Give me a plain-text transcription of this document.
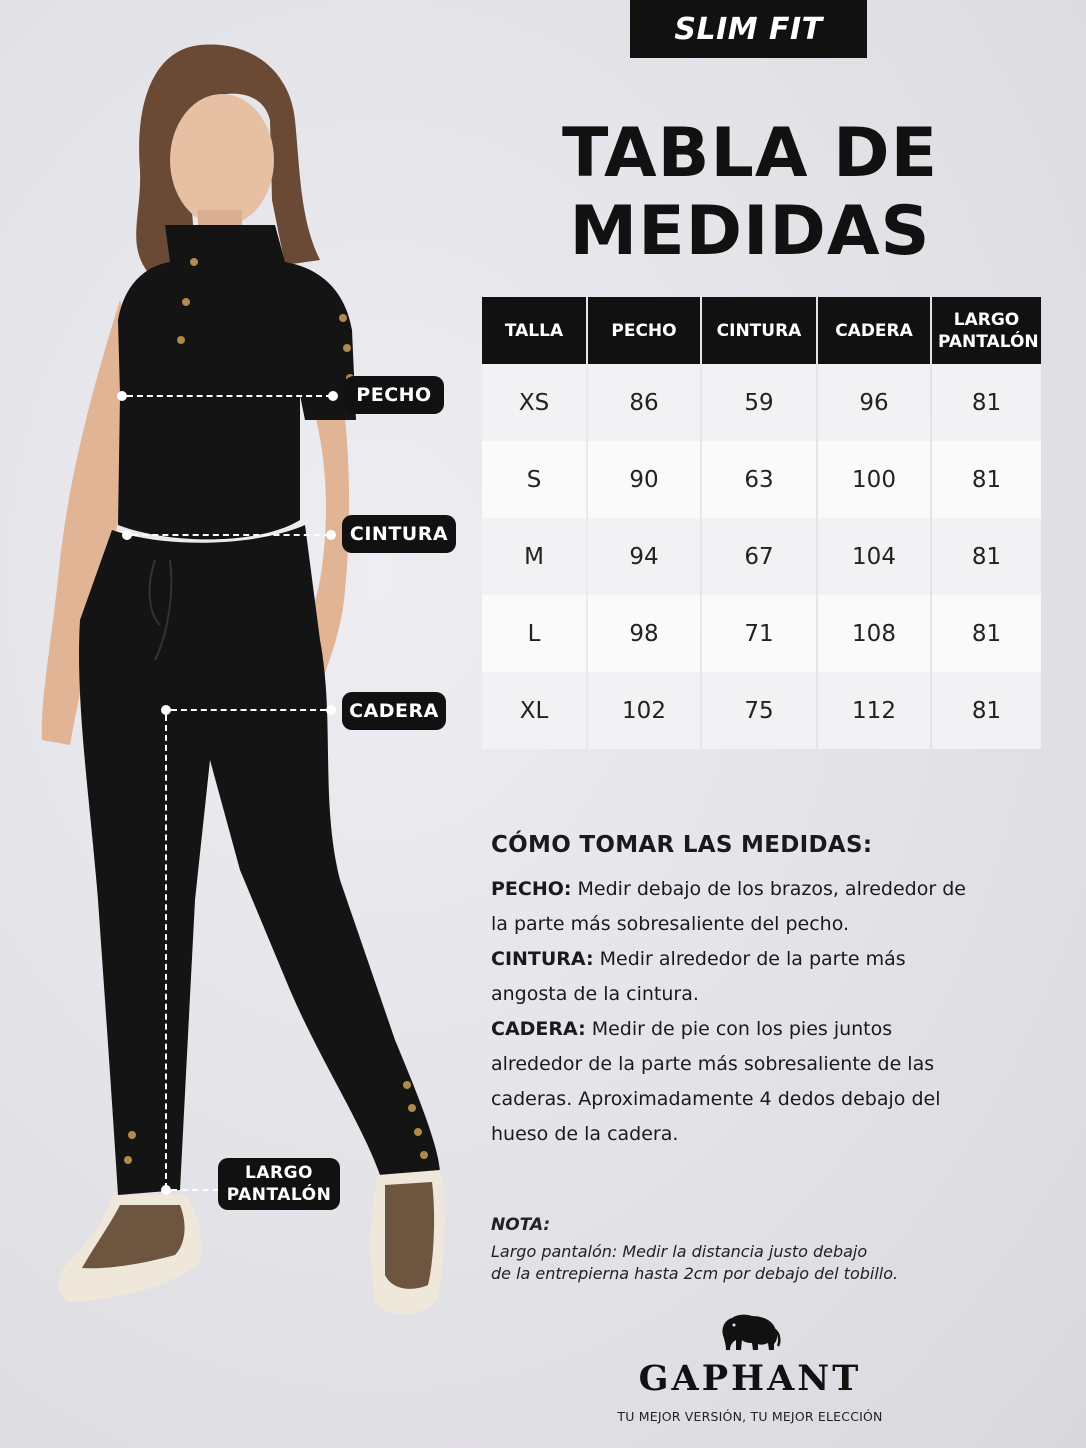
PECHO
CINTURA
CADERA
LARGO
PANTALÓN
SLIM FIT
TABLA DE
MEDIDAS
TALLA	PECHO	CINTURA	CADERA	LARGO PANTALÓN
XS	86	59	96	81
S	90	63	100	81
M	94	67	104	81
L	98	71	108	81
XL	102	75	112	81
CÓMO TOMAR LAS MEDIDAS:

PECHO: Medir debajo de los brazos, alrededor de la parte más sobresaliente del pecho.

CINTURA: Medir alrededor de la parte más angosta de la cintura.

CADERA: Medir de pie con los pies juntos alrededor de la parte más sobresaliente de las caderas. Aproximadamente 4 dedos debajo del hueso de la cadera.

NOTA:
Largo pantalón: Medir la distancia justo debajo
de la entrepierna hasta 2cm por debajo del tobillo.
GAPHANT
TU MEJOR VERSIÓN, TU MEJOR ELECCIÓN
